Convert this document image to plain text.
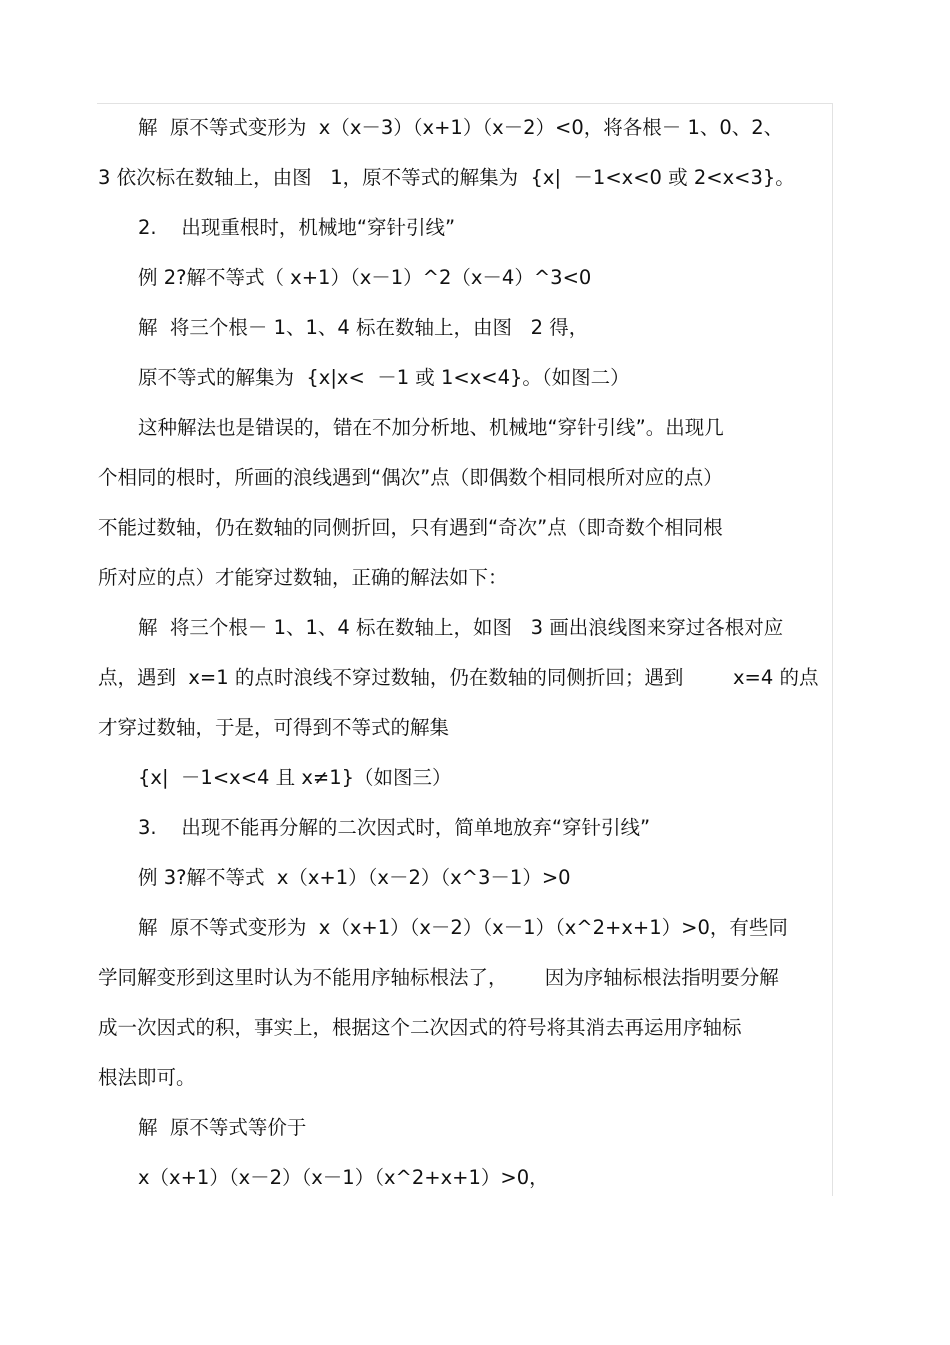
解  原不等式变形为  x（x－3）（x+1）（x－2）<0，将各根－ 1、0、2、
3 依次标在数轴上，由图   1，原不等式的解集为  {x|  －1<x<0 或 2<x<3}。
2.    出现重根时，机械地“穿针引线”
例 2?解不等式（ x+1）（x－1）^2（x－4）^3<0
解  将三个根－ 1、1、4 标在数轴上，由图   2 得，
原不等式的解集为  {x|x<  －1 或 1<x<4}。（如图二）
这种解法也是错误的，错在不加分析地、机械地“穿针引线”。出现几
个相同的根时，所画的浪线遇到“偶次”点（即偶数个相同根所对应的点）
不能过数轴，仍在数轴的同侧折回，只有遇到“奇次”点（即奇数个相同根
所对应的点）才能穿过数轴，正确的解法如下：
解  将三个根－ 1、1、4 标在数轴上，如图   3 画出浪线图来穿过各根对应
点，遇到  x=1 的点时浪线不穿过数轴，仍在数轴的同侧折回；遇到        x=4 的点
才穿过数轴，于是，可得到不等式的解集
{x|  －1<x<4 且 x≠1}（如图三）
3.    出现不能再分解的二次因式时，简单地放弃“穿针引线”
例 3?解不等式  x（x+1）（x－2）（x^3－1）>0
解  原不等式变形为  x（x+1）（x－2）（x－1）（x^2+x+1）>0，有些同
学同解变形到这里时认为不能用序轴标根法了，      因为序轴标根法指明要分解
成一次因式的积，事实上，根据这个二次因式的符号将其消去再运用序轴标
根法即可。
解  原不等式等价于
x（x+1）（x－2）（x－1）（x^2+x+1）>0，
